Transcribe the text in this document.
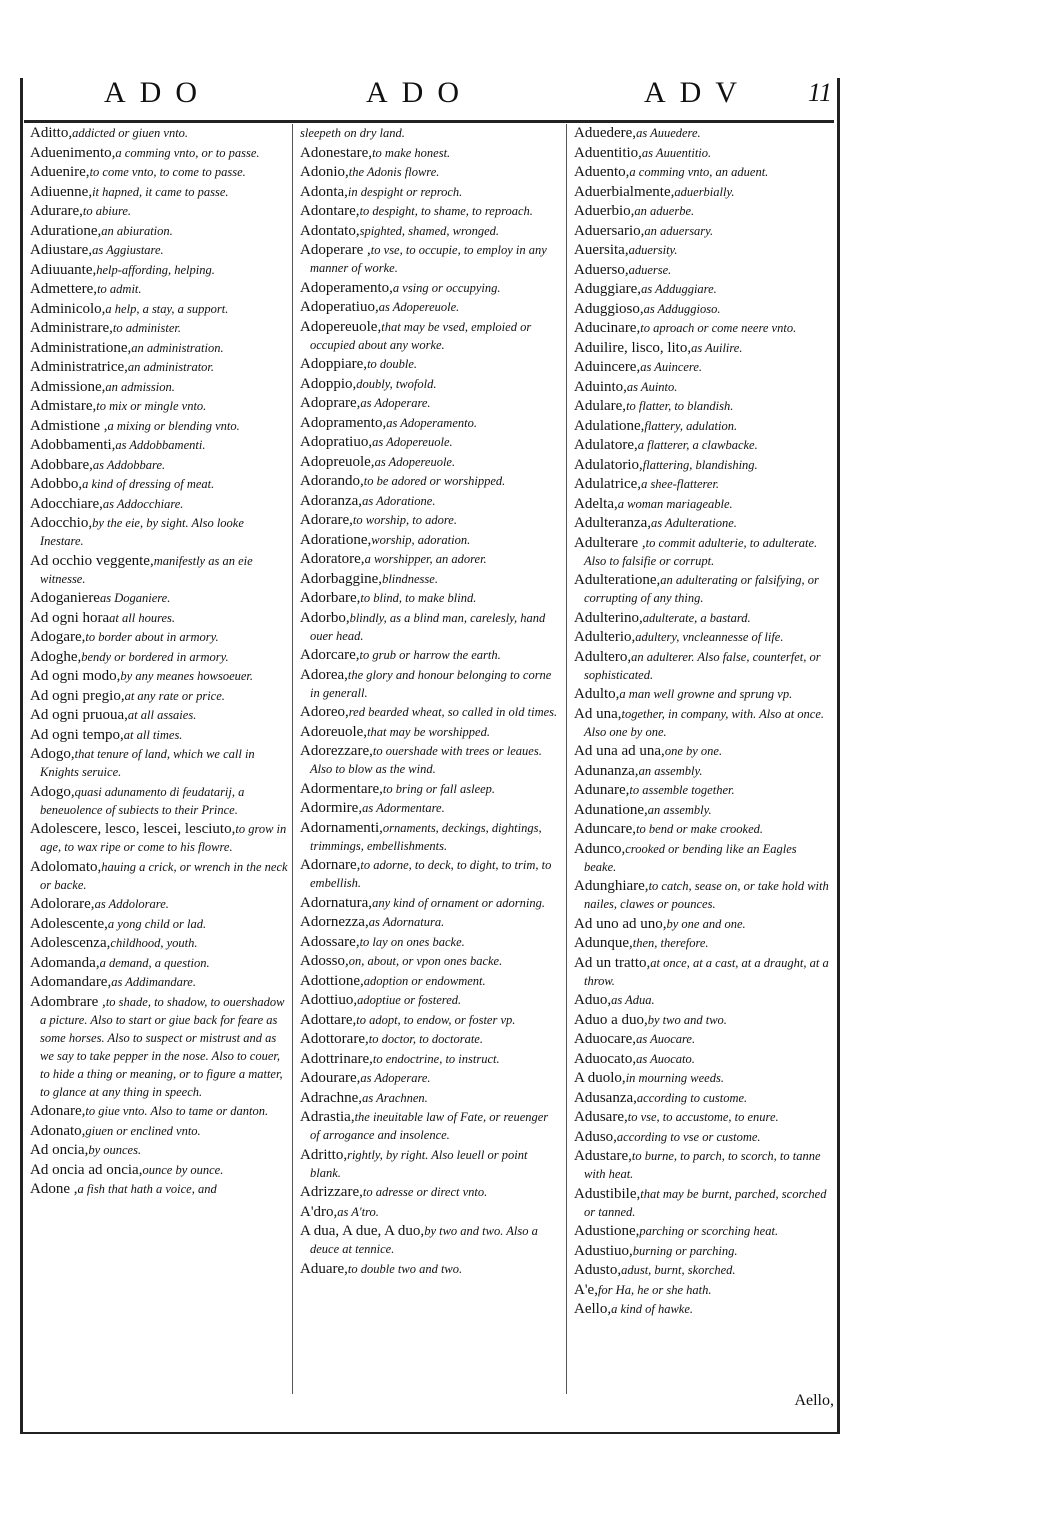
ADO	ADO	ADV 11
Aditto,addicted or giuen vnto.
Aduenimento,a comming vnto, or to passe.
Aduenire,to come vnto, to come to passe.
Adiuenne,it hapned, it came to passe.
Adurare,to abiure.
Aduratione,an abiuration.
Adiustare,as Aggiustare.
Adiuuante,help-affording, helping.
Admettere,to admit.
Adminicolo,a help, a stay, a support.
Administrare,to administer.
Administratione,an administration.
Administratrice,an administrator.
Admissione,an admission.
Admistare,to mix or mingle vnto.
Admistione ,a mixing or blending vnto.
Adobbamenti,as Addobbamenti.
Adobbare,as Addobbare.
Adobbo,a kind of dressing of meat.
Adocchiare,as Addocchiare.
Adocchio,by the eie, by sight. Also looke Inestare.
Ad occhio veggente,manifestly as an eie witnesse.
Adoganiereas Doganiere.
Ad ogni horaat all houres.
Adogare,to border about in armory.
Adoghe,bendy or bordered in armory.
Ad ogni modo,by any meanes howsoeuer.
Ad ogni pregio,at any rate or price.
Ad ogni pruoua,at all assaies.
Ad ogni tempo,at all times.
Adogo,that tenure of land, which we call in Knights seruice.
Adogo,quasi adunamento di feudatarij, a beneuolence of subiects to their Prince.
Adolescere, lesco, lescei, lesciuto,to grow in age, to wax ripe or come to his flowre.
Adolomato,hauing a crick, or wrench in the neck or backe.
Adolorare,as Addolorare.
Adolescente,a yong child or lad.
Adolescenza,childhood, youth.
Adomanda,a demand, a question.
Adomandare,as Addimandare.
Adombrare ,to shade, to shadow, to ouershadow a picture. Also to start or giue back for feare as some horses. Also to suspect or mistrust and as we say to take pepper in the nose. Also to couer, to hide a thing or meaning, or to figure a matter, to glance at any thing in speech.
Adonare,to giue vnto. Also to tame or danton.
Adonato,giuen or enclined vnto.
Ad oncia,by ounces.
Ad oncia ad oncia,ounce by ounce.
Adone ,a fish that hath a voice, and
sleepeth on dry land.
Adonestare,to make honest.
Adonio,the Adonis flowre.
Adonta,in despight or reproch.
Adontare,to despight, to shame, to reproach.
Adontato,spighted, shamed, wronged.
Adoperare ,to vse, to occupie, to employ in any manner of worke.
Adoperamento,a vsing or occupying.
Adoperatiuo,as Adopereuole.
Adopereuole,that may be vsed, emploied or occupied about any worke.
Adoppiare,to double.
Adoppio,doubly, twofold.
Adoprare,as Adoperare.
Adopramento,as Adoperamento.
Adopratiuo,as Adopereuole.
Adopreuole,as Adopereuole.
Adorando,to be adored or worshipped.
Adoranza,as Adoratione.
Adorare,to worship, to adore.
Adoratione,worship, adoration.
Adoratore,a worshipper, an adorer.
Adorbaggine,blindnesse.
Adorbare,to blind, to make blind.
Adorbo,blindly, as a blind man, carelesly, hand ouer head.
Adorcare,to grub or harrow the earth.
Adorea,the glory and honour belonging to corne in generall.
Adoreo,red bearded wheat, so called in old times.
Adoreuole,that may be worshipped.
Adorezzare,to ouershade with trees or leaues. Also to blow as the wind.
Adormentare,to bring or fall asleep.
Adormire,as Adormentare.
Adornamenti,ornaments, deckings, dightings, trimmings, embellishments.
Adornare,to adorne, to deck, to dight, to trim, to embellish.
Adornatura,any kind of ornament or adorning.
Adornezza,as Adornatura.
Adossare,to lay on ones backe.
Adosso,on, about, or vpon ones backe.
Adottione,adoption or endowment.
Adottiuo,adoptiue or fostered.
Adottare,to adopt, to endow, or foster vp.
Adottorare,to doctor, to doctorate.
Adottrinare,to endoctrine, to instruct.
Adourare,as Adoperare.
Adrachne,as Arachnen.
Adrastia,the ineuitable law of Fate, or reuenger of arrogance and insolence.
Adritto,rightly, by right. Also leuell or point blank.
Adrizzare,to adresse or direct vnto.
A'dro,as A'tro.
A dua, A due, A duo,by two and two. Also a deuce at tennice.
Aduare,to double two and two.
Aduedere,as Auuedere.
Aduentitio,as Auuentitio.
Aduento,a comming vnto, an aduent.
Aduerbialmente,aduerbially.
Aduerbio,an aduerbe.
Aduersario,an aduersary.
Auersita,aduersity.
Aduerso,aduerse.
Aduggiare,as Adduggiare.
Aduggioso,as Adduggioso.
Aducinare,to aproach or come neere vnto.
Aduilire, lisco, lito,as Auilire.
Aduincere,as Auincere.
Aduinto,as Auinto.
Adulare,to flatter, to blandish.
Adulatione,flattery, adulation.
Adulatore,a flatterer, a clawbacke.
Adulatorio,flattering, blandishing.
Adulatrice,a shee-flatterer.
Adelta,a woman mariageable.
Adulteranza,as Adulteratione.
Adulterare ,to commit adulterie, to adulterate. Also to falsifie or corrupt.
Adulteratione,an adulterating or falsifying, or corrupting of any thing.
Adulterino,adulterate, a bastard.
Adulterio,adultery, vncleannesse of life.
Adultero,an adulterer. Also false, counterfet, or sophisticated.
Adulto,a man well growne and sprung vp.
Ad una,together, in company, with. Also at once. Also one by one.
Ad una ad una,one by one.
Adunanza,an assembly.
Adunare,to assemble together.
Adunatione,an assembly.
Aduncare,to bend or make crooked.
Adunco,crooked or bending like an Eagles beake.
Adunghiare,to catch, sease on, or take hold with nailes, clawes or pounces.
Ad uno ad uno,by one and one.
Adunque,then, therefore.
Ad un tratto,at once, at a cast, at a draught, at a throw.
Aduo,as Adua.
Aduo a duo,by two and two.
Aduocare,as Auocare.
Aduocato,as Auocato.
A duolo,in mourning weeds.
Adusanza,according to custome.
Adusare,to vse, to accustome, to enure.
Aduso,according to vse or custome.
Adustare,to burne, to parch, to scorch, to tanne with heat.
Adustibile,that may be burnt, parched, scorched or tanned.
Adustione,parching or scorching heat.
Adustiuo,burning or parching.
Adusto,adust, burnt, skorched.
A'e,for Ha, he or she hath.
Aello,a kind of hawke.
Aello,
